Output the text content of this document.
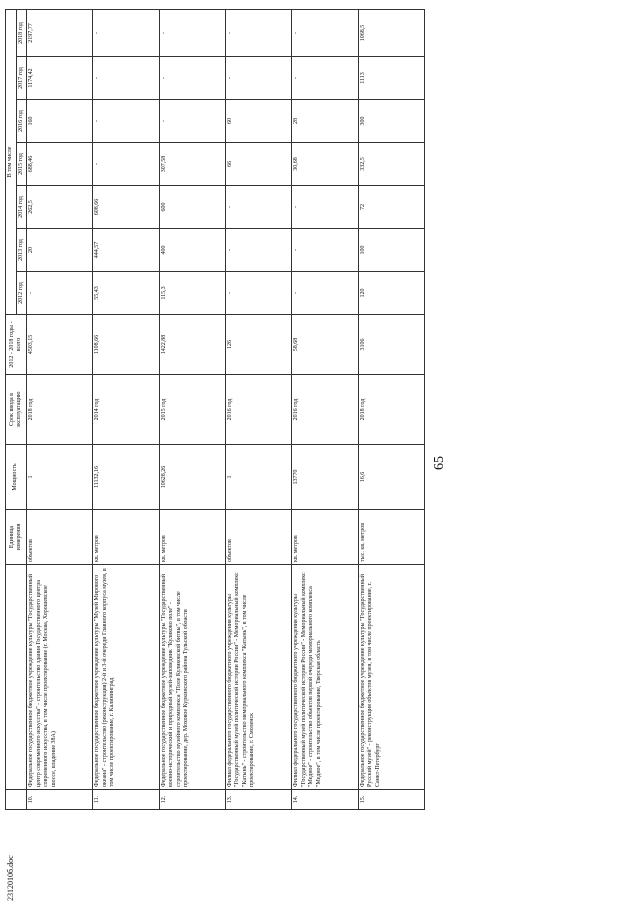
65
2312010б.doc
		Единица измерения	Мощность	Срок ввода в эксплуатацию	2012 - 2018 годы - всего	В том числе						
						2012 год	2013 год	2014 год	2015 год	2016 год	2017 год	2018 год
10.	Федеральное государственное бюджетное учреждение культуры "Государственный центр современного искусства" - строительство здания Государственного центра современного искусства, в том числе проектирование (г. Москва, Хорошевское шоссе, владение 38А)	объектов	1	2018 год	4503,15	-	20	262,5	688,46	160	1174,42	2197,77
11.	Федеральное государственное бюджетное учреждение культуры "Музей Мирового океана" - строительство (реконструкция) 2-й и 3-й очереди Главного корпуса музея, в том числе проектирование, г. Калининград	кв. метров	11132,16	2014 год	1108,66	55,43	444,57	608,66	-	-	-	-
12.	Федеральное государственное бюджетное учреждение культуры "Государственный военно-исторический и природный музей-заповедник "Куликово поле" - строительство музейного комплекса "Поле Куликовской битвы", в том числе проектирование, дер. Моховое Куркинского района Тульской области	кв. метров	10628,26	2015 год	1422,88	115,3	400	600	307,58	-	-	-
13.	Филиал федерального государственного бюджетного учреждения культуры "Государственный музей политической истории России" - Мемориальный комплекс "Катынь" - строительство мемориального комплекса "Катынь", в том числе проектирование, г. Смоленск	объектов	1	2016 год	126	-	-	-	66	60	-	-
14.	Филиал федерального государственного бюджетного учреждения культуры "Государственный музей политической истории России" - Мемориальный комплекс "Медное" - строительство объектов первой очереди мемориального комплекса "Медное", в том числе проектирование, Тверская область	кв. метров	13770	2016 год	58,68	-	-	-	30,68	28	-	-
15.	Федеральное государственное бюджетное учреждение культуры "Государственный Русский музей" - реконструкция объектов музея, в том числе проектирование, г. Санкт-Петербург	тыс. кв. метров	16,6	2018 год	3106	120	100	72	332,5	300	1113	1068,5
